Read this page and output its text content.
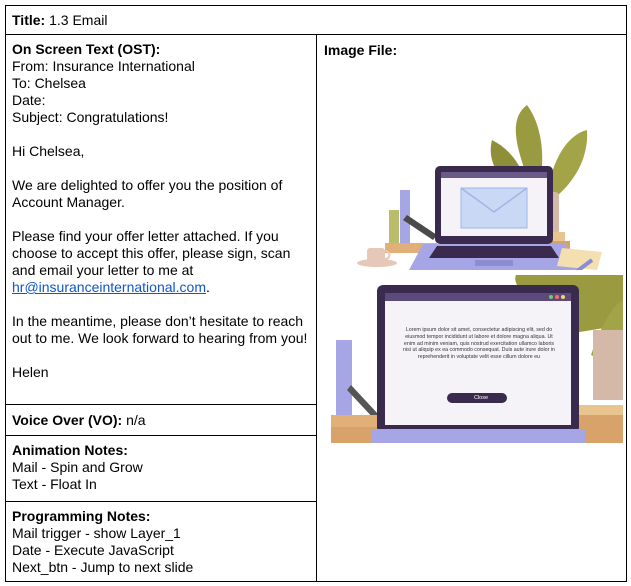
Title: 1.3 Email

On Screen Text (OST):

From: Insurance International

To: Chelsea

Date:

Subject: Congratulations!

Hi Chelsea,

We are delighted to offer you the position of Account Manager.

Please find your offer letter attached. If you choose to accept this offer, please sign, scan and email your letter to me at hr@insuranceinternational.com.

In the meantime, please don’t hesitate to reach out to me. We look forward to hearing from you!

Helen

Voice Over (VO): n/a

Animation Notes:

Mail - Spin and Grow

Text - Float In

Programming Notes:

Mail trigger - show Layer_1

Date - Execute JavaScript

Next_btn - Jump to next slide

Image File:
Lorem ipsum dolor sit amet, consectetur adipiscing elit, sed do eiusmod tempor incididunt ut labore et dolore magna aliqua. Ut enim ad minim veniam, quis nostrud exercitation ullamco laboris nisi ut aliquip ex ea commodo consequat. Duis aute irure dolor in reprehenderit in voluptate velit esse cillum dolore eu
Close
